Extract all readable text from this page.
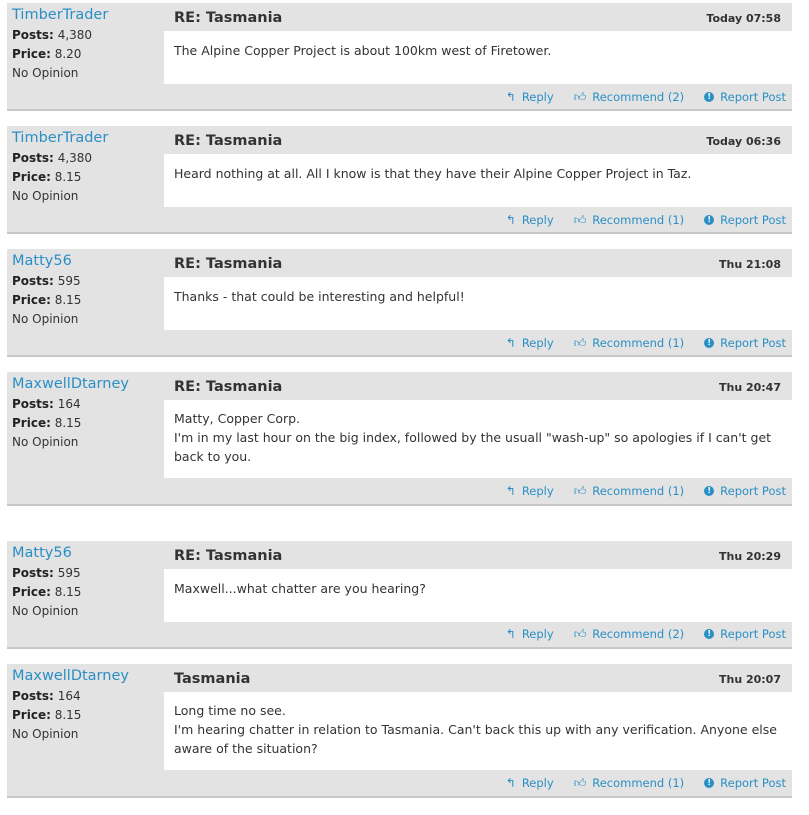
TimberTrader
Posts: 4,380
Price: 8.20
No Opinion
RE: Tasmania	Today 07:58

The Alpine Copper Project is about 100km west of Firetower.

↰ Reply 👍︎ Recommend (2)	! Report Post
TimberTrader
Posts: 4,380
Price: 8.15
No Opinion
RE: Tasmania	Today 06:36

Heard nothing at all. All I know is that they have their Alpine Copper Project in Taz.

↰ Reply 👍︎ Recommend (1)	! Report Post
Matty56
Posts: 595
Price: 8.15
No Opinion
RE: Tasmania	Thu 21:08

Thanks - that could be interesting and helpful!

↰ Reply 👍︎ Recommend (1)	! Report Post
MaxwellDtarney
Posts: 164
Price: 8.15
No Opinion
RE: Tasmania	Thu 20:47

Matty, Copper Corp.

I'm in my last hour on the big index, followed by the usuall "wash-up" so apologies if I can't get back to you.

↰ Reply 👍︎ Recommend (1)	! Report Post
Matty56
Posts: 595
Price: 8.15
No Opinion
RE: Tasmania	Thu 20:29

Maxwell...what chatter are you hearing?

↰ Reply 👍︎ Recommend (2)	! Report Post
MaxwellDtarney
Posts: 164
Price: 8.15
No Opinion
Tasmania	Thu 20:07

Long time no see.

I'm hearing chatter in relation to Tasmania. Can't back this up with any verification. Anyone else aware of the situation?

↰ Reply 👍︎ Recommend (1)	! Report Post
